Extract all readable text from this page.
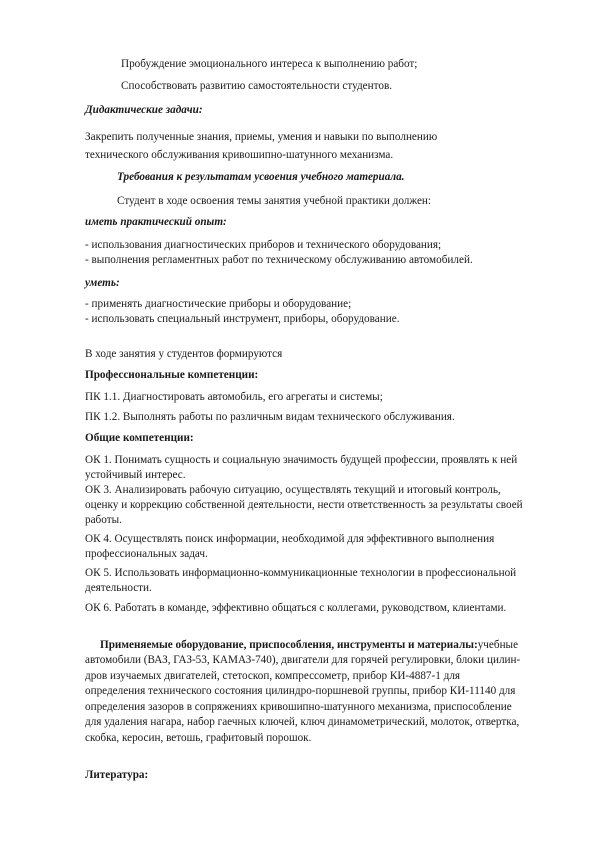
Пробуждение эмоционального интереса к выполнению работ;
Способствовать развитию самостоятельности студентов.
Дидактические задачи:
Закрепить полученные знания, приемы, умения и навыки по выполнению
технического обслуживания кривошипно-шатунного механизма.
Требования к результатам усвоения учебного материала.
Студент в ходе освоения темы занятия учебной практики должен:
иметь практический опыт:
- использования диагностических приборов и технического оборудования;
- выполнения регламентных работ по техническому обслуживанию автомобилей.
уметь:
- применять диагностические приборы и оборудование;
- использовать специальный инструмент, приборы, оборудование.
В ходе занятия у студентов формируются
Профессиональные компетенции:
ПК 1.1. Диагностировать автомобиль, его агрегаты и системы;
ПК 1.2. Выполнять работы по различным видам технического обслуживания.
Общие компетенции:
ОК 1. Понимать сущность и социальную значимость будущей профессии, проявлять к ней
устойчивый интерес.
ОК 3. Анализировать рабочую ситуацию, осуществлять текущий и итоговый контроль,
оценку и коррекцию собственной деятельности, нести ответственность за результаты своей
работы.
ОК 4. Осуществлять поиск информации, необходимой для эффективного выполнения
профессиональных задач.
ОК 5. Использовать информационно-коммуникационные технологии в профессиональной
деятельности.
ОК 6. Работать в команде, эффективно общаться с коллегами, руководством, клиентами.
Применяемые оборудование, приспособления, инструменты и материалы:учебные
автомобили (ВАЗ, ГАЗ-53, КАМАЗ-740), двигатели для горячей регулировки, блоки цилин-
дров изучаемых двигателей, стетоскоп, компрессометр, прибор КИ-4887-1 для
определения технического состояния цилиндро-поршневой группы, прибор КИ-11140 для
определения зазоров в сопряжениях кривошипно-шатунного механизма, приспособление
для удаления нагара, набор гаечных ключей, ключ динамометрический, молоток, отвертка,
скобка, керосин, ветошь, графитовый порошок.
Литература:
